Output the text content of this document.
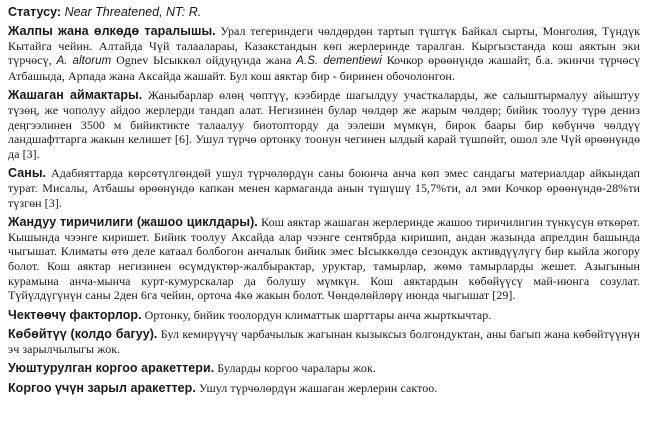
Статусу: Near Threatened, NT: R.

Жалпы жана өлкөдө таралышы. Урал тегериндеги чөлдөрдөн тартып түштүк Байкал сырты, Монголия, Түндүк Кытайга чейин. Алтайда Чүй талаалараы, Казакстандын көп жерлеринде таралган. Кыргызстанда кош аяктын эки түрчөсү, A. altorum Ognev Ысыккөл ойдуңунда жана A.S. dementiewi Кочкор өрөөнүндө жашайт, б.а. экинчи түрчөсү Атбашыда, Арпада жана Аксайда жашайт. Бул кош аяктар бир - биринен обочолонгон.

Жашаган аймактары. Жаныбарлар өлөң чөптүү, кээбирде шагылдуу участкаларды, же салыштырмалуу айыштуу түзөң, же чополуу айдоо жерлерди тандап алат. Негизинен булар чөлдөр же жарым чөлдөр; бийик тоолуу түрө дениз деңгээлинен 3500 м бийиктикте талаалуу биотопторду да ээлеши мүмкүн, бирок баары бир көбүнчө чөлдүү ландшафттарга жакын келишет [6]. Ушул түрчө ортонку тоонун чегинен ылдый карай түшпөйт, ошол эле Чүй өрөөнүндө да [3].

Саны. Адабияттарда көрсөтүлгөндөй ушул түрчөлөрдүн саны боюнча анча көп эмес сандагы материалдар айкындап турат. Мисалы, Атбашы өрөөнүндө капкан менен кармаганда анын түшүшү 15,7%ти, ал эми Кочкор өрөөнүндө-28%ти түзгөн [3].

Жандуу тиричилиги (жашоо циклдары). Кош аяктар жашаган жерлеринде жашоо тиричилигин түнкүсүн өткөрөт. Кышында чээнге киришет. Бийик тоолуу Аксайда алар чээнге сентябрда киришип, андан жазында апрелдин башында чыгышат. Климаты өтө деле катаал болбогон анчалык бийик эмес Ысыккөлдө сезондук активдүүлүгү бир кыйла жогору болот. Кош аяктар негизинен өсүмдүктөр-жалбырактар, уруктар, тамырлар, жөмө тамырларды жешет. Азыгынын курамына анча-мынча курт-кумурскалар да болушу мүмкүн. Кош аяктардын көбөйүүсү май-июнга созулат. Түйүлдүгүнүн саны 2ден 6га чейин, орточа 4кө жакын болот. Чөндөлөйлөрү июнда чыгышат [29].

Чектөөчү факторлор. Ортонку, бийик тоолордун климаттык шарттары анча жырткычтар.

Көбөйтүү (колдо багуу). Бул кемирүүчү чарбачылык жагынан кызыксыз болгондуктан, аны багып жана көбөйтүүнүн эч зарылчылыгы жок.

Уюштурулган коргоо аракеттери. Буларды коргоо чаралары жок.

Коргоо үчүн зарыл аракеттер. Ушул түрчөлөрдүн жашаган жерлерин сактоо.
